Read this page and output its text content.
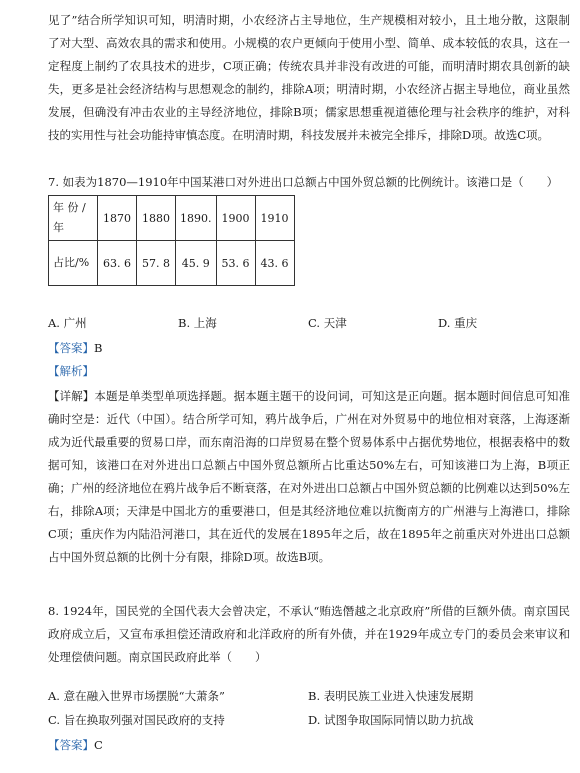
见了”结合所学知识可知，明清时期，小农经济占主导地位，生产规模相对较小，且土地分散，这限制了对大型、高效农具的需求和使用。小规模的农户更倾向于使用小型、简单、成本较低的农具，这在一定程度上制约了农具技术的进步，C项正确；传统农具并非没有改进的可能，而明清时期农具创新的缺失，更多是社会经济结构与思想观念的制约，排除A项；明清时期，小农经济占据主导地位，商业虽然发展，但确没有冲击农业的主导经济地位，排除B项；儒家思想重视道德伦理与社会秩序的维护，对科技的实用性与社会功能持审慎态度。在明清时期，科技发展并未被完全排斥，排除D项。故选C项。

7. 如表为1870—1910年中国某港口对外进出口总额占中国外贸总额的比例统计。该港口是（　　）

年 份 /年	1870	1880	1890.	1900	1910
占比/%	63. 6	57. 8	45. 9	53. 6	43. 6
A. 广州	B. 上海	C. 天津	D. 重庆
【答案】B
【解析】

【详解】本题是单类型单项选择题。据本题主题干的设问词，可知这是正向题。据本题时间信息可知准确时空是：近代（中国）。结合所学可知，鸦片战争后，广州在对外贸易中的地位相对衰落，上海逐渐成为近代最重要的贸易口岸，而东南沿海的口岸贸易在整个贸易体系中占据优势地位，根据表格中的数据可知，该港口在对外进出口总额占中国外贸总额所占比重达50%左右，可知该港口为上海，B项正确；广州的经济地位在鸦片战争后不断衰落，在对外进出口总额占中国外贸总额的比例难以达到50%左右，排除A项；天津是中国北方的重要港口，但是其经济地位难以抗衡南方的广州港与上海港口，排除C项；重庆作为内陆沿河港口，其在近代的发展在1895年之后，故在1895年之前重庆对外进出口总额占中国外贸总额的比例十分有限，排除D项。故选B项。

8. 1924年，国民党的全国代表大会曾决定，不承认“贿选僭越之北京政府”所借的巨额外债。南京国民政府成立后，又宣布承担偿还清政府和北洋政府的所有外债，并在1929年成立专门的委员会来审议和处理偿债问题。南京国民政府此举（　　）

A. 意在融入世界市场摆脱“大萧条”	B. 表明民族工业进入快速发展期
C. 旨在换取列强对国民政府的支持	D. 试图争取国际同情以助力抗战
【答案】C
